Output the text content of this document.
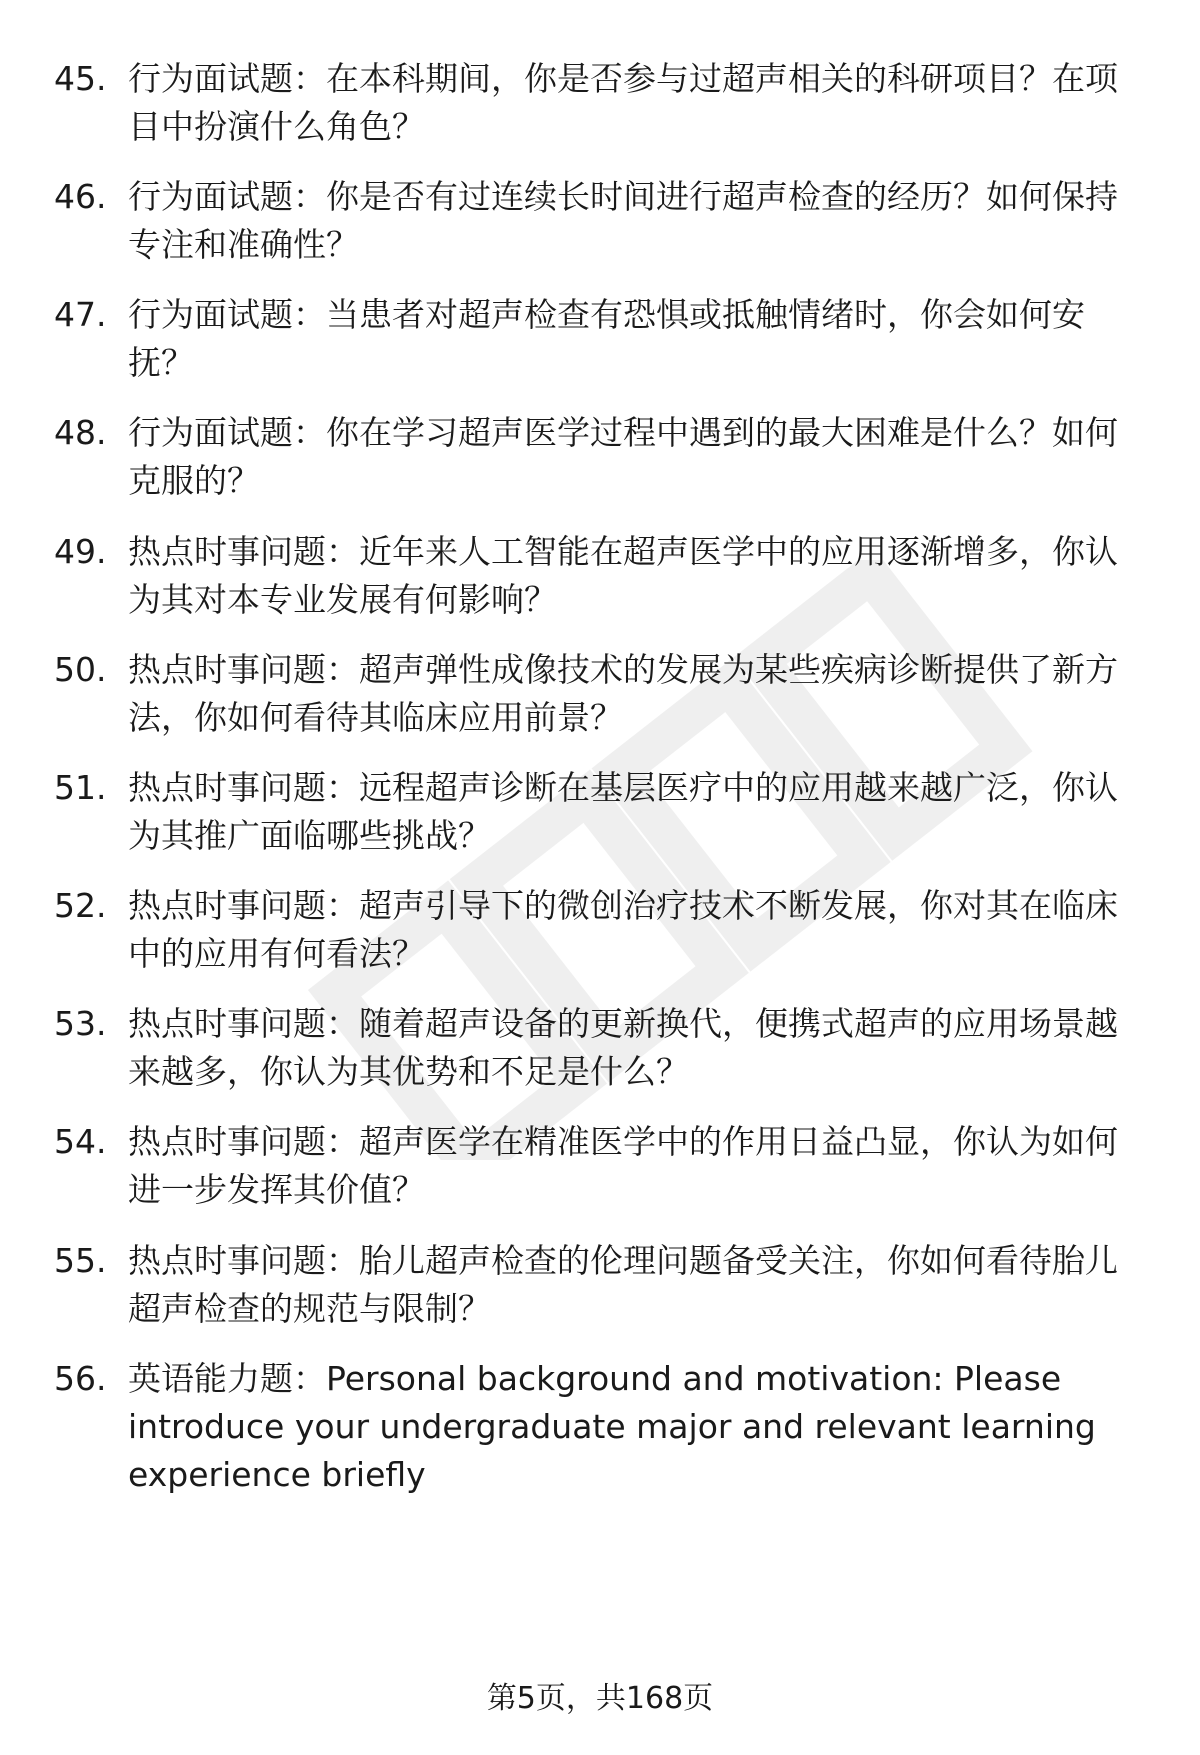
45. 行为面试题：在本科期间，你是否参与过超声相关的科研项目？在项目中扮演什么角色？
46. 行为面试题：你是否有过连续长时间进行超声检查的经历？如何保持专注和准确性？
47. 行为面试题：当患者对超声检查有恐惧或抵触情绪时，你会如何安抚？
48. 行为面试题：你在学习超声医学过程中遇到的最大困难是什么？如何克服的？
49. 热点时事问题：近年来人工智能在超声医学中的应用逐渐增多，你认为其对本专业发展有何影响？
50. 热点时事问题：超声弹性成像技术的发展为某些疾病诊断提供了新方法，你如何看待其临床应用前景？
51. 热点时事问题：远程超声诊断在基层医疗中的应用越来越广泛，你认为其推广面临哪些挑战？
52. 热点时事问题：超声引导下的微创治疗技术不断发展，你对其在临床中的应用有何看法？
53. 热点时事问题：随着超声设备的更新换代，便携式超声的应用场景越来越多，你认为其优势和不足是什么？
54. 热点时事问题：超声医学在精准医学中的作用日益凸显，你认为如何进一步发挥其价值？
55. 热点时事问题：胎儿超声检查的伦理问题备受关注，你如何看待胎儿超声检查的规范与限制？
56. 英语能力题：Personal background and motivation: Please introduce your undergraduate major and relevant learning experience briefly
第5页，共168页
